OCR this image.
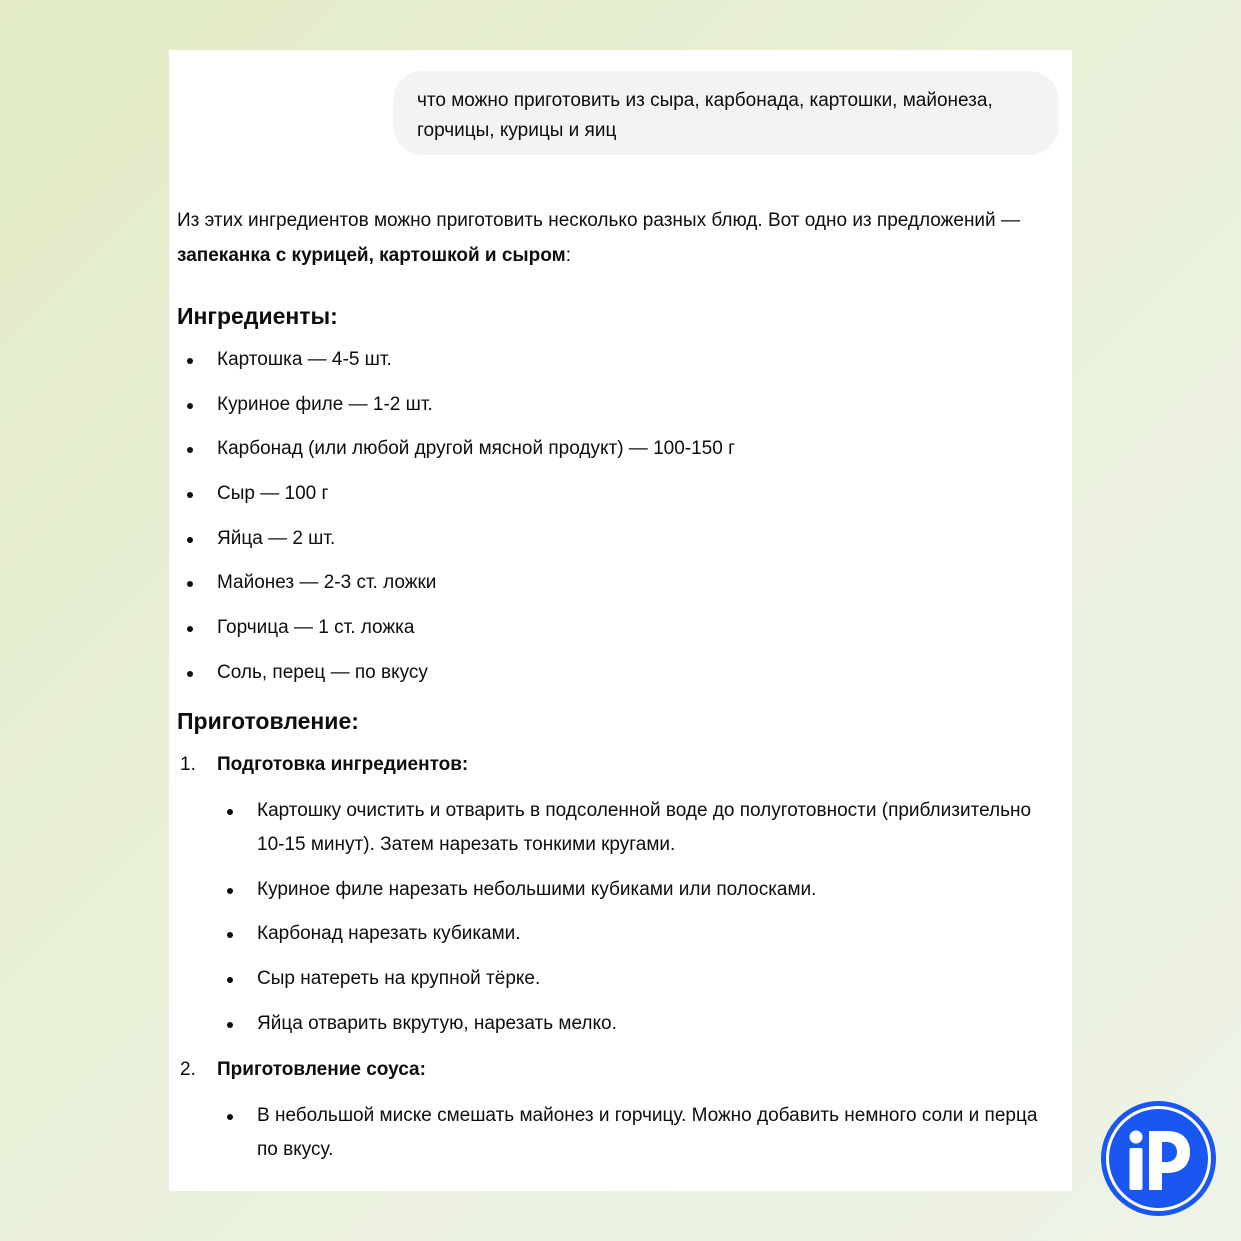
что можно приготовить из сыра, карбонада, картошки, майонеза, горчицы, курицы и яиц

Из этих ингредиентов можно приготовить несколько разных блюд. Вот одно из предложений — запеканка с курицей, картошкой и сыром:

Ингредиенты:
Картошка — 4-5 шт.
Куриное филе — 1-2 шт.
Карбонад (или любой другой мясной продукт) — 100-150 г
Сыр — 100 г
Яйца — 2 шт.
Майонез — 2-3 ст. ложки
Горчица — 1 ст. ложка
Соль, перец — по вкусу
Приготовление:
1. Подготовка ингредиентов:
Картошку очистить и отварить в подсоленной воде до полуготовности (приблизительно 10-15 минут). Затем нарезать тонкими кругами.
Куриное филе нарезать небольшими кубиками или полосками.
Карбонад нарезать кубиками.
Сыр натереть на крупной тёрке.
Яйца отварить вкрутую, нарезать мелко.
2. Приготовление соуса:
В небольшой миске смешать майонез и горчицу. Можно добавить немного соли и перца по вкусу.
